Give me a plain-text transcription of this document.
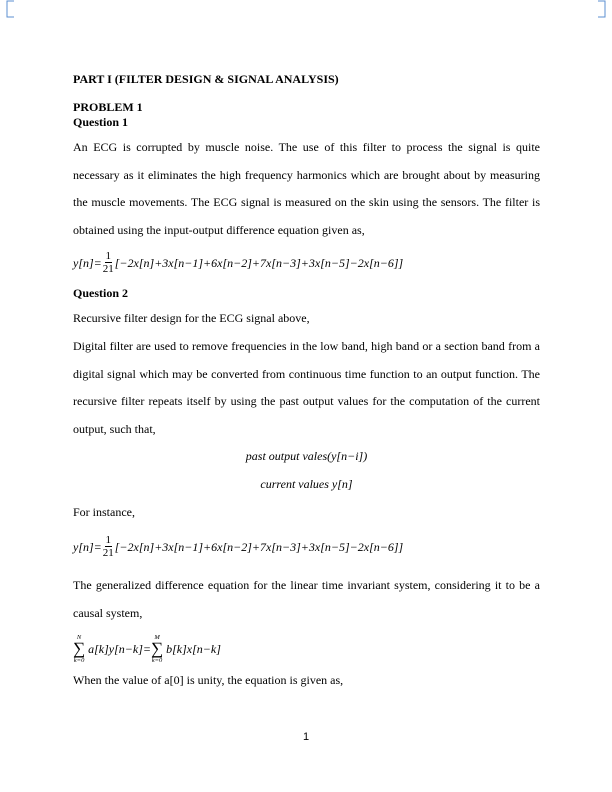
PART I (FILTER DESIGN & SIGNAL ANALYSIS)

PROBLEM 1

Question 1

An ECG is corrupted by muscle noise. The use of this filter to process the signal is quite necessary as it eliminates the high frequency harmonics which are brought about by measuring the muscle movements. The ECG signal is measured on the skin using the sensors. The filter is obtained using the input-output difference equation given as,

$y[n]= \frac{1}{21} [-2x[n]+3x[n-1]+6x[n-2]+7x[n-3]+3x[n-5]-2x[n-6]]$

Question 2

Recursive filter design for the ECG signal above,

Digital filter are used to remove frequencies in the low band, high band or a section band from a digital signal which may be converted from continuous time function to an output function. The recursive filter repeats itself by using the past output values for the computation of the current output, such that,

past output vales(y[n−i])
current values y[n]

For instance,

$y[n]= \frac{1}{21} [-2x[n]+3x[n-1]+6x[n-2]+7x[n-3]+3x[n-5]-2x[n-6]]$

The generalized difference equation for the linear time invariant system, considering it to be a causal system,

N
∑
k=0
a[k]y[n−k]=
M
∑
k=0
b[k]x[n−k]

When the value of a[0] is unity, the equation is given as,

1
